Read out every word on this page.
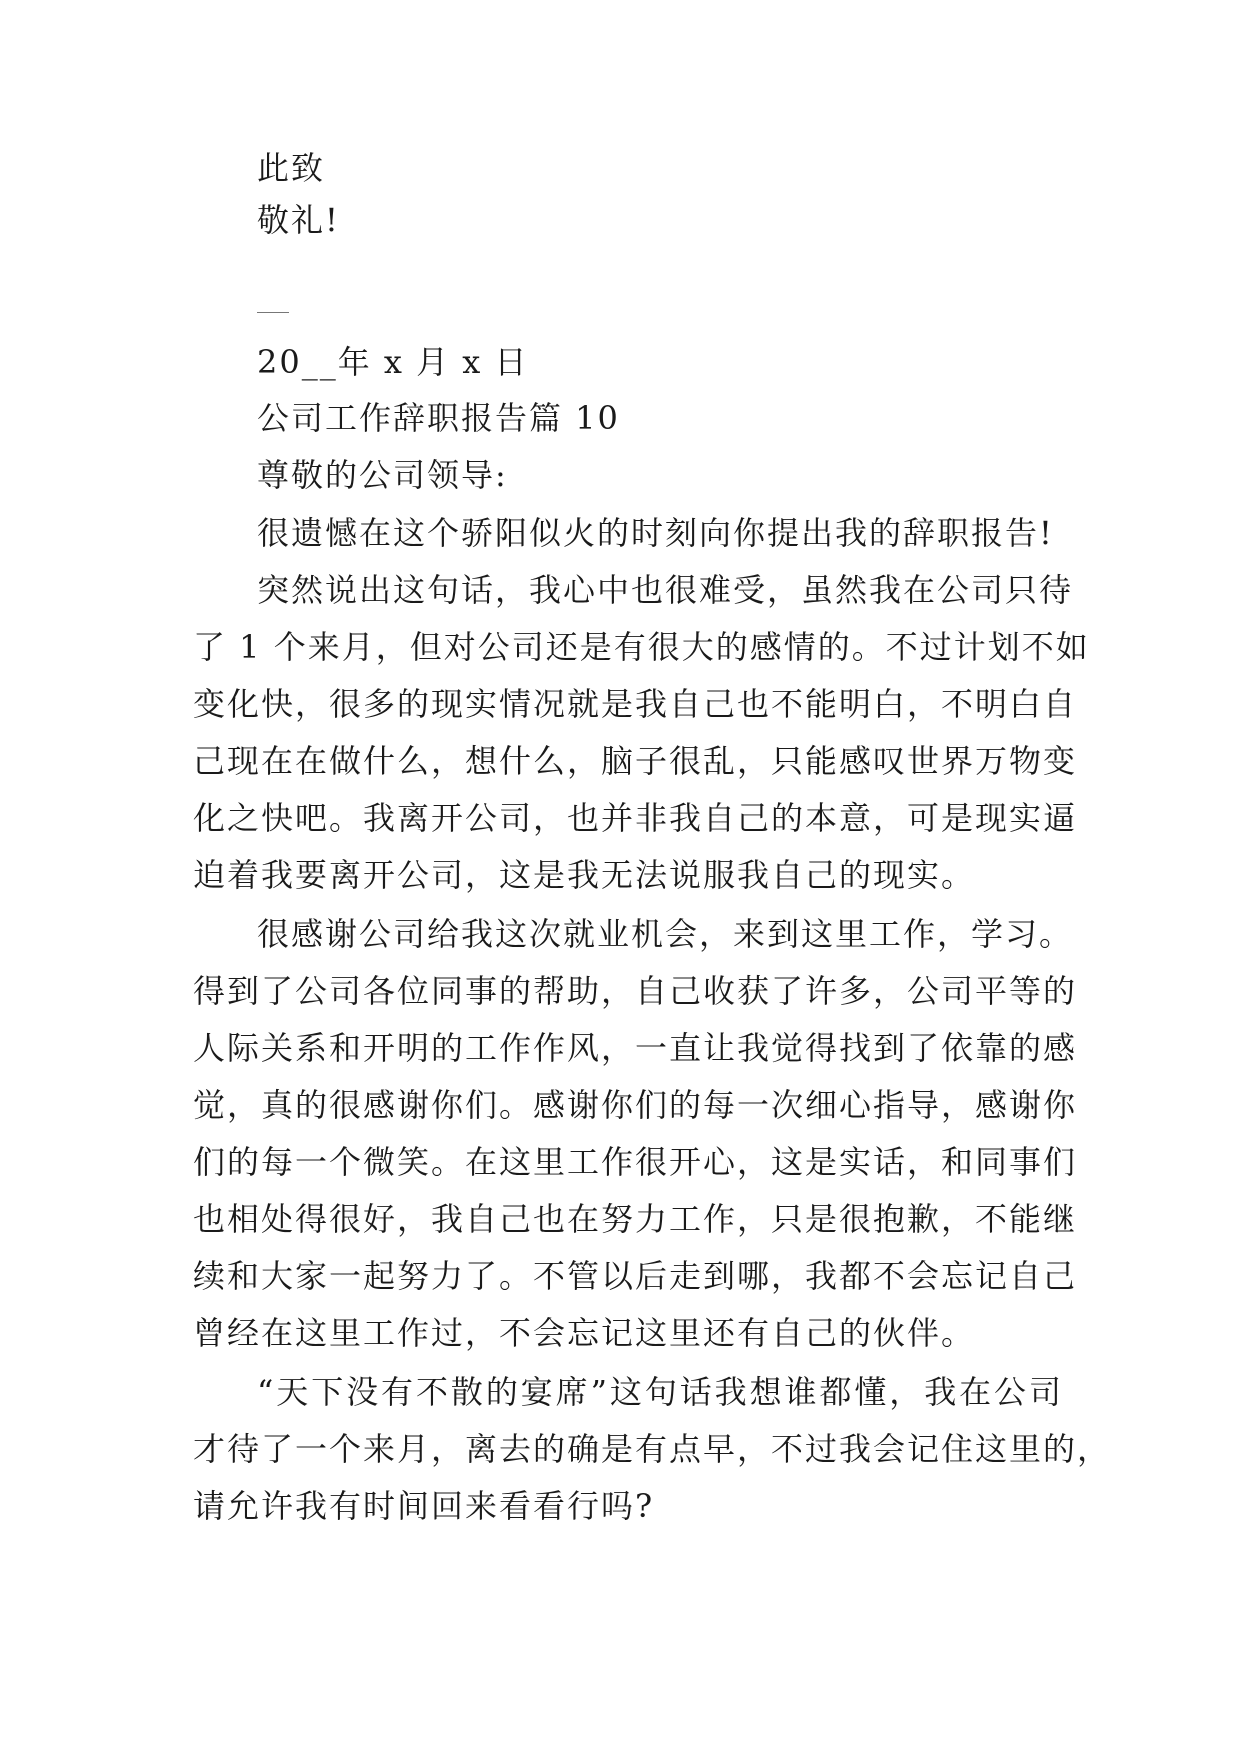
此致
敬礼!
20__年 x 月 x 日
公司工作辞职报告篇 10
尊敬的公司领导:
很遗憾在这个骄阳似火的时刻向你提出我的辞职报告!
突然说出这句话，我心中也很难受，虽然我在公司只待
了 1 个来月，但对公司还是有很大的感情的。不过计划不如
变化快，很多的现实情况就是我自己也不能明白，不明白自
己现在在做什么，想什么，脑子很乱，只能感叹世界万物变
化之快吧。我离开公司，也并非我自己的本意，可是现实逼
迫着我要离开公司，这是我无法说服我自己的现实。
很感谢公司给我这次就业机会，来到这里工作，学习。
得到了公司各位同事的帮助，自己收获了许多，公司平等的
人际关系和开明的工作作风，一直让我觉得找到了依靠的感
觉，真的很感谢你们。感谢你们的每一次细心指导，感谢你
们的每一个微笑。在这里工作很开心，这是实话，和同事们
也相处得很好，我自己也在努力工作，只是很抱歉，不能继
续和大家一起努力了。不管以后走到哪，我都不会忘记自己
曾经在这里工作过，不会忘记这里还有自己的伙伴。
“天下没有不散的宴席”这句话我想谁都懂，我在公司
才待了一个来月，离去的确是有点早，不过我会记住这里的，
请允许我有时间回来看看行吗?
